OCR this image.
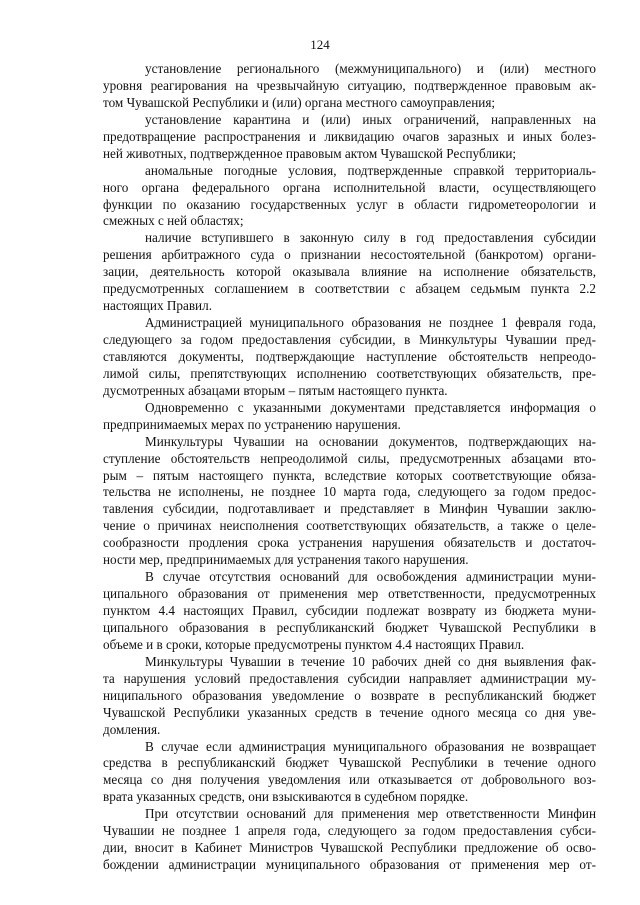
124
установление регионального (межмуниципального) и (или) местного
уровня реагирования на чрезвычайную ситуацию, подтвержденное правовым ак-
том Чувашской Республики и (или) органа местного самоуправления;
установление карантина и (или) иных ограничений, направленных на
предотвращение распространения и ликвидацию очагов заразных и иных болез-
ней животных, подтвержденное правовым актом Чувашской Республики;
аномальные погодные условия, подтвержденные справкой территориаль-
ного органа федерального органа исполнительной власти, осуществляющего
функции по оказанию государственных услуг в области гидрометеорологии и
смежных с ней областях;
наличие вступившего в законную силу в год предоставления субсидии
решения арбитражного суда о признании несостоятельной (банкротом) органи-
зации, деятельность которой оказывала влияние на исполнение обязательств,
предусмотренных соглашением в соответствии с абзацем седьмым пункта 2.2
настоящих Правил.
Администрацией муниципального образования не позднее 1 февраля года,
следующего за годом предоставления субсидии, в Минкультуры Чувашии пред-
ставляются документы, подтверждающие наступление обстоятельств непреодо-
лимой силы, препятствующих исполнению соответствующих обязательств, пре-
дусмотренных абзацами вторым – пятым настоящего пункта.
Одновременно с указанными документами представляется информация о
предпринимаемых мерах по устранению нарушения.
Минкультуры Чувашии на основании документов, подтверждающих на-
ступление обстоятельств непреодолимой силы, предусмотренных абзацами вто-
рым – пятым настоящего пункта, вследствие которых соответствующие обяза-
тельства не исполнены, не позднее 10 марта года, следующего за годом предос-
тавления субсидии, подготавливает и представляет в Минфин Чувашии заклю-
чение о причинах неисполнения соответствующих обязательств, а также о целе-
сообразности продления срока устранения нарушения обязательств и достаточ-
ности мер, предпринимаемых для устранения такого нарушения.
В случае отсутствия оснований для освобождения администрации муни-
ципального образования от применения мер ответственности, предусмотренных
пунктом 4.4 настоящих Правил, субсидии подлежат возврату из бюджета муни-
ципального образования в республиканский бюджет Чувашской Республики в
объеме и в сроки, которые предусмотрены пунктом 4.4 настоящих Правил.
Минкультуры Чувашии в течение 10 рабочих дней со дня выявления фак-
та нарушения условий предоставления субсидии направляет администрации му-
ниципального образования уведомление о возврате в республиканский бюджет
Чувашской Республики указанных средств в течение одного месяца со дня уве-
домления.
В случае если администрация муниципального образования не возвращает
средства в республиканский бюджет Чувашской Республики в течение одного
месяца со дня получения уведомления или отказывается от добровольного воз-
врата указанных средств, они взыскиваются в судебном порядке.
При отсутствии оснований для применения мер ответственности Минфин
Чувашии не позднее 1 апреля года, следующего за годом предоставления субси-
дии, вносит в Кабинет Министров Чувашской Республики предложение об осво-
бождении администрации муниципального образования от применения мер от-
